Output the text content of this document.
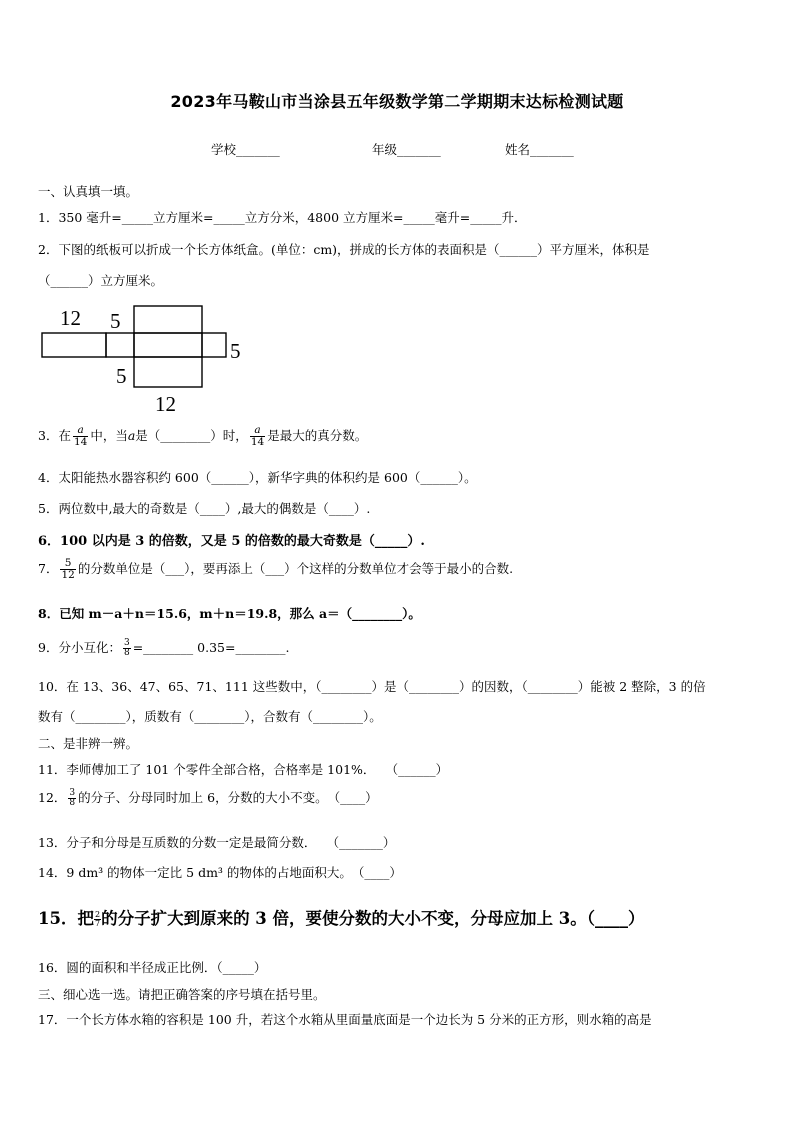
2023年马鞍山市当涂县五年级数学第二学期期末达标检测试题
学校_______	年级_______	姓名_______
一、认真填一填。
1．350 毫升=_____立方厘米=_____立方分米，4800 立方厘米=_____毫升=_____升．
2．下图的纸板可以折成一个长方体纸盒。(单位：cm)，拼成的长方体的表面积是（______）平方厘米，体积是
（______）立方厘米。
12 5
5
5
12
3．在 $\frac{a}{14}$ 中，当a是（________）时， $\frac{a}{14}$ 是最大的真分数。
4．太阳能热水器容积约 600（______），新华字典的体积约是 600（______）。
5．两位数中,最大的奇数是（____）,最大的偶数是（____）.
6．100 以内是 3 的倍数，又是 5 的倍数的最大奇数是（_____）.
7． $\frac{5}{12}$ 的分数单位是（___），要再添上（___）个这样的分数单位才会等于最小的合数.
8．已知 m－a＋n＝15.6，m＋n＝19.8，那么 a＝（________）。
9．分小互化： $\frac{3}{8}$ =________ 0.35=________.
10．在 13、36、47、65、71、111 这些数中，（________）是（________）的因数，（________）能被 2 整除，3 的倍
数有（________），质数有（________），合数有（________）。
二、是非辨一辨。
11．李师傅加工了 101 个零件全部合格，合格率是 101%．　 （______）
12． $\frac{3}{8}$ 的分子、分母同时加上 6，分数的大小不变。　（____）
13．分子和分母是互质数的分数一定是最简分数．　 （_______）
14．9 dm³ 的物体一定比 5 dm³ 的物体的占地面积大。　（____）
15．把 $\frac{2}{7}$ 的分子扩大到原来的 3 倍，要使分数的大小不变，分母应加上 3。（____）
16．圆的面积和半径成正比例．（_____）
三、细心选一选。请把正确答案的序号填在括号里。
17．一个长方体水箱的容积是 100 升，若这个水箱从里面量底面是一个边长为 5 分米的正方形，则水箱的高是
